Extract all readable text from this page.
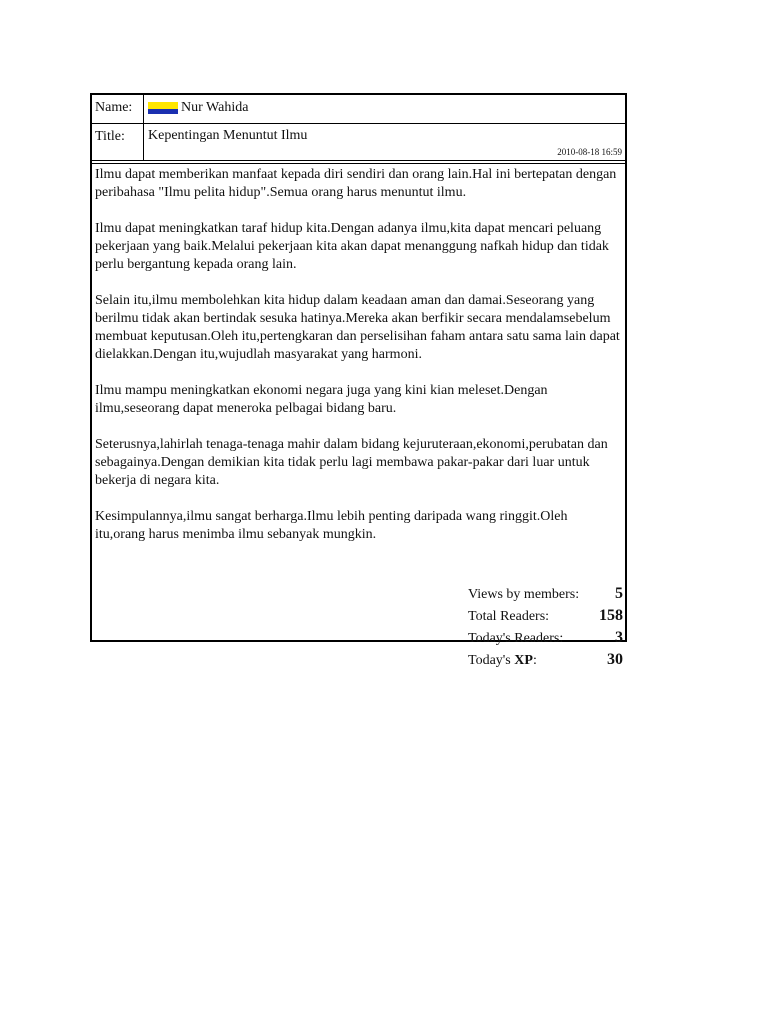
Name:	Nur Wahida
Title:	Kepentingan Menuntut Ilmu
2010-08-18 16:59

Ilmu dapat memberikan manfaat kepada diri sendiri dan orang lain.Hal ini bertepatan dengan peribahasa "Ilmu pelita hidup".Semua orang harus menuntut ilmu.

Ilmu dapat meningkatkan taraf hidup kita.Dengan adanya ilmu,kita dapat mencari peluang pekerjaan yang baik.Melalui pekerjaan kita akan dapat menanggung nafkah hidup dan tidak perlu bergantung kepada orang lain.

Selain itu,ilmu membolehkan kita hidup dalam keadaan aman dan damai.Seseorang yang berilmu tidak akan bertindak sesuka hatinya.Mereka akan berfikir secara mendalamsebelum membuat keputusan.Oleh itu,pertengkaran dan perselisihan faham antara satu sama lain dapat dielakkan.Dengan itu,wujudlah masyarakat yang harmoni.

Ilmu mampu meningkatkan ekonomi negara juga yang kini kian meleset.Dengan ilmu,seseorang dapat meneroka pelbagai bidang baru.

Seterusnya,lahirlah tenaga-tenaga mahir dalam bidang kejuruteraan,ekonomi,perubatan dan sebagainya.Dengan demikian kita tidak perlu lagi membawa pakar-pakar dari luar untuk bekerja di negara kita.

Kesimpulannya,ilmu sangat berharga.Ilmu lebih penting daripada wang ringgit.Oleh itu,orang harus menimba ilmu sebanyak mungkin.

Views by members: 5
Total Readers:	158
Today's Readers:	3
Today's XP:	30
